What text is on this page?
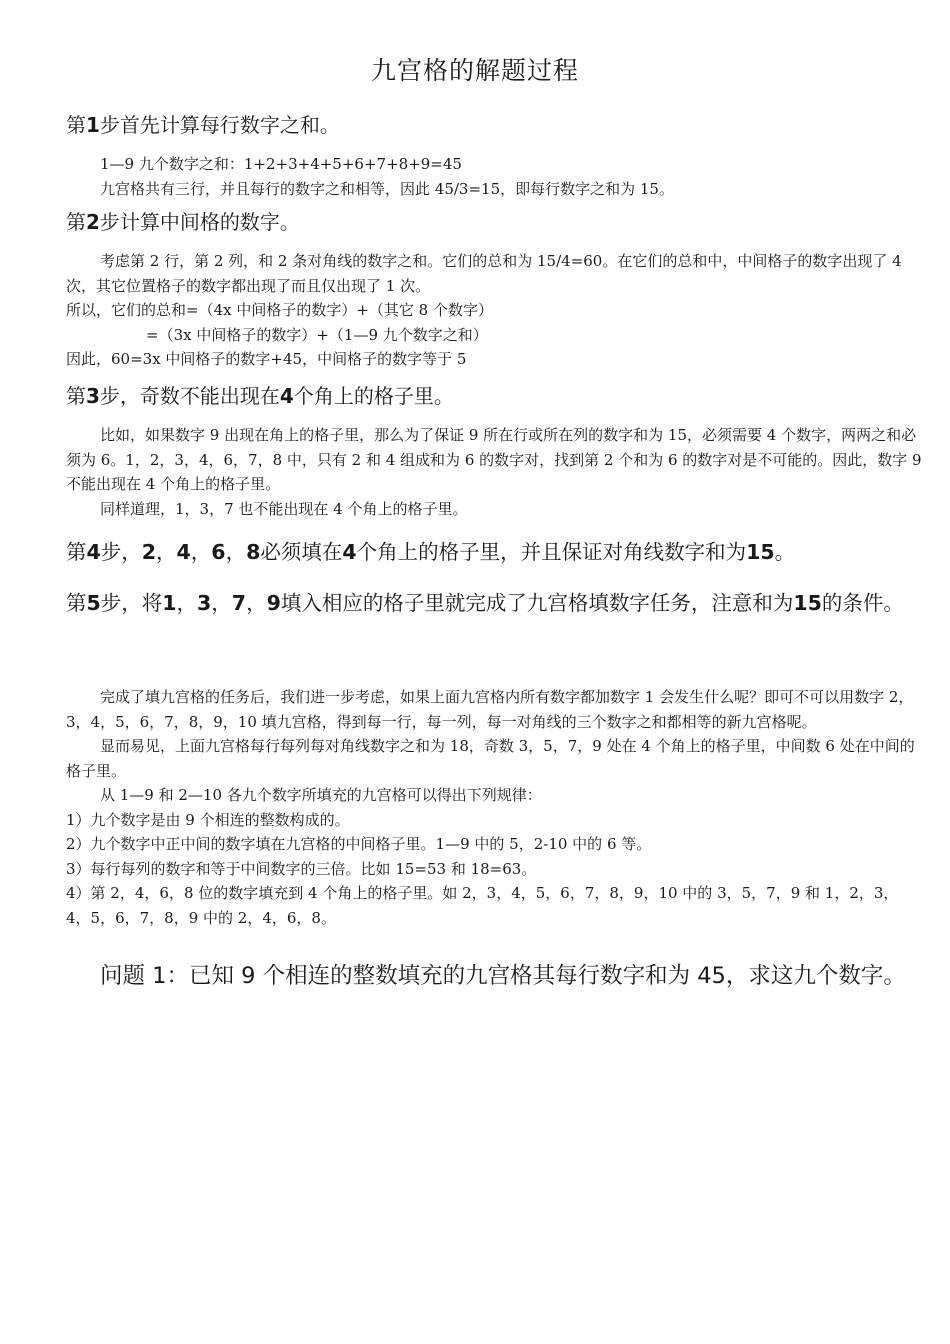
九宫格的解题过程
第1步首先计算每行数字之和。

1—9 九个数字之和：1+2+3+4+5+6+7+8+9=45

九宫格共有三行，并且每行的数字之和相等，因此 45/3=15，即每行数字之和为 15。

第2步计算中间格的数字。

考虑第 2 行，第 2 列，和 2 条对角线的数字之和。它们的总和为 15/4=60。在它们的总和中，中间格子的数字出现了 4 次，其它位置格子的数字都出现了而且仅出现了 1 次。

所以，它们的总和=（4x 中间格子的数字）+（其它 8 个数字）

=（3x 中间格子的数字）+（1—9 九个数字之和）

因此，60=3x 中间格子的数字+45，中间格子的数字等于 5

第3步，奇数不能出现在4个角上的格子里。

比如，如果数字 9 出现在角上的格子里，那么为了保证 9 所在行或所在列的数字和为 15，必须需要 4 个数字，两两之和必须为 6。1，2，3，4，6，7，8 中，只有 2 和 4 组成和为 6 的数字对，找到第 2 个和为 6 的数字对是不可能的。因此，数字 9 不能出现在 4 个角上的格子里。

同样道理，1，3，7 也不能出现在 4 个角上的格子里。

第4步，2，4，6，8必须填在4个角上的格子里，并且保证对角线数字和为15。
第5步，将1，3，7，9填入相应的格子里就完成了九宫格填数字任务，注意和为15的条件。

完成了填九宫格的任务后，我们进一步考虑，如果上面九宫格内所有数字都加数字 1 会发生什么呢？即可不可以用数字 2，3，4，5，6，7，8，9，10 填九宫格，得到每一行，每一列，每一对角线的三个数字之和都相等的新九宫格呢。

显而易见，上面九宫格每行每列每对角线数字之和为 18，奇数 3，5，7，9 处在 4 个角上的格子里，中间数 6 处在中间的格子里。

从 1—9 和 2—10 各九个数字所填充的九宫格可以得出下列规律：

1）九个数字是由 9 个相连的整数构成的。

2）九个数字中正中间的数字填在九宫格的中间格子里。1—9 中的 5，2-10 中的 6 等。

3）每行每列的数字和等于中间数字的三倍。比如 15=53 和 18=63。

4）第 2，4，6，8 位的数字填充到 4 个角上的格子里。如 2，3，4，5，6，7，8，9，10 中的 3，5，7，9 和 1，2，3，4，5，6，7，8，9 中的 2，4，6，8。

问题 1：已知 9 个相连的整数填充的九宫格其每行数字和为 45，求这九个数字。
